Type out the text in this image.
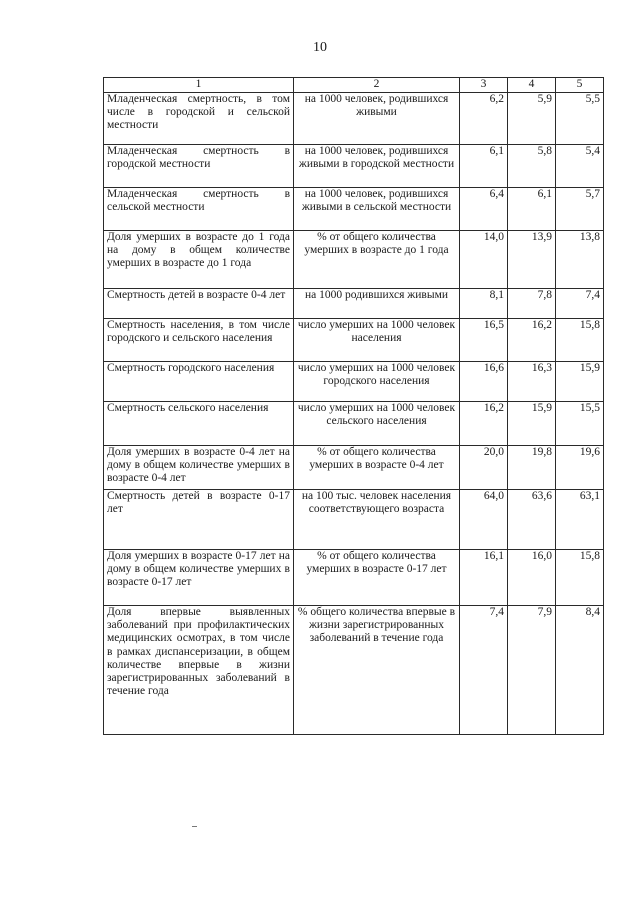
10
1	2	3	4	5
Младенческая смертность, в том числе в городской и сельской местности	на 1000 человек, родившихся живыми	6,2	5,9	5,5
Младенческая смертность в городской местности	на 1000 человек, родившихся живыми в городской местности	6,1	5,8	5,4
Младенческая смертность в сельской местности	на 1000 человек, родившихся живыми в сельской местности	6,4	6,1	5,7
Доля умерших в возрасте до 1 года на дому в общем количестве умерших в возрасте до 1 года	% от общего количества умерших в возрасте до 1 года	14,0	13,9	13,8
Смертность детей в возрасте 0-4 лет	на 1000 родившихся живыми	8,1	7,8	7,4
Смертность населения, в том числе городского и сельского населения	число умерших на 1000 человек населения	16,5	16,2	15,8
Смертность городского населения	число умерших на 1000 человек городского населения	16,6	16,3	15,9
Смертность сельского населения	число умерших на 1000 человек сельского населения	16,2	15,9	15,5
Доля умерших в возрасте 0-4 лет на дому в общем количестве умерших в возрасте 0-4 лет	% от общего количества умерших в возрасте 0-4 лет	20,0	19,8	19,6
Смертность детей в возрасте 0-17 лет	на 100 тыс. человек населения соответствующего возраста	64,0	63,6	63,1
Доля умерших в возрасте 0-17 лет на дому в общем количестве умерших в возрасте 0-17 лет	% от общего количества умерших в возрасте 0-17 лет	16,1	16,0	15,8
Доля впервые выявленных заболеваний при профилактических медицинских осмотрах, в том числе в рамках диспансеризации, в общем количестве впервые в жизни зарегистрированных заболеваний в течение года	% общего количества впервые в жизни зарегистрированных заболеваний в течение года	7,4	7,9	8,4
